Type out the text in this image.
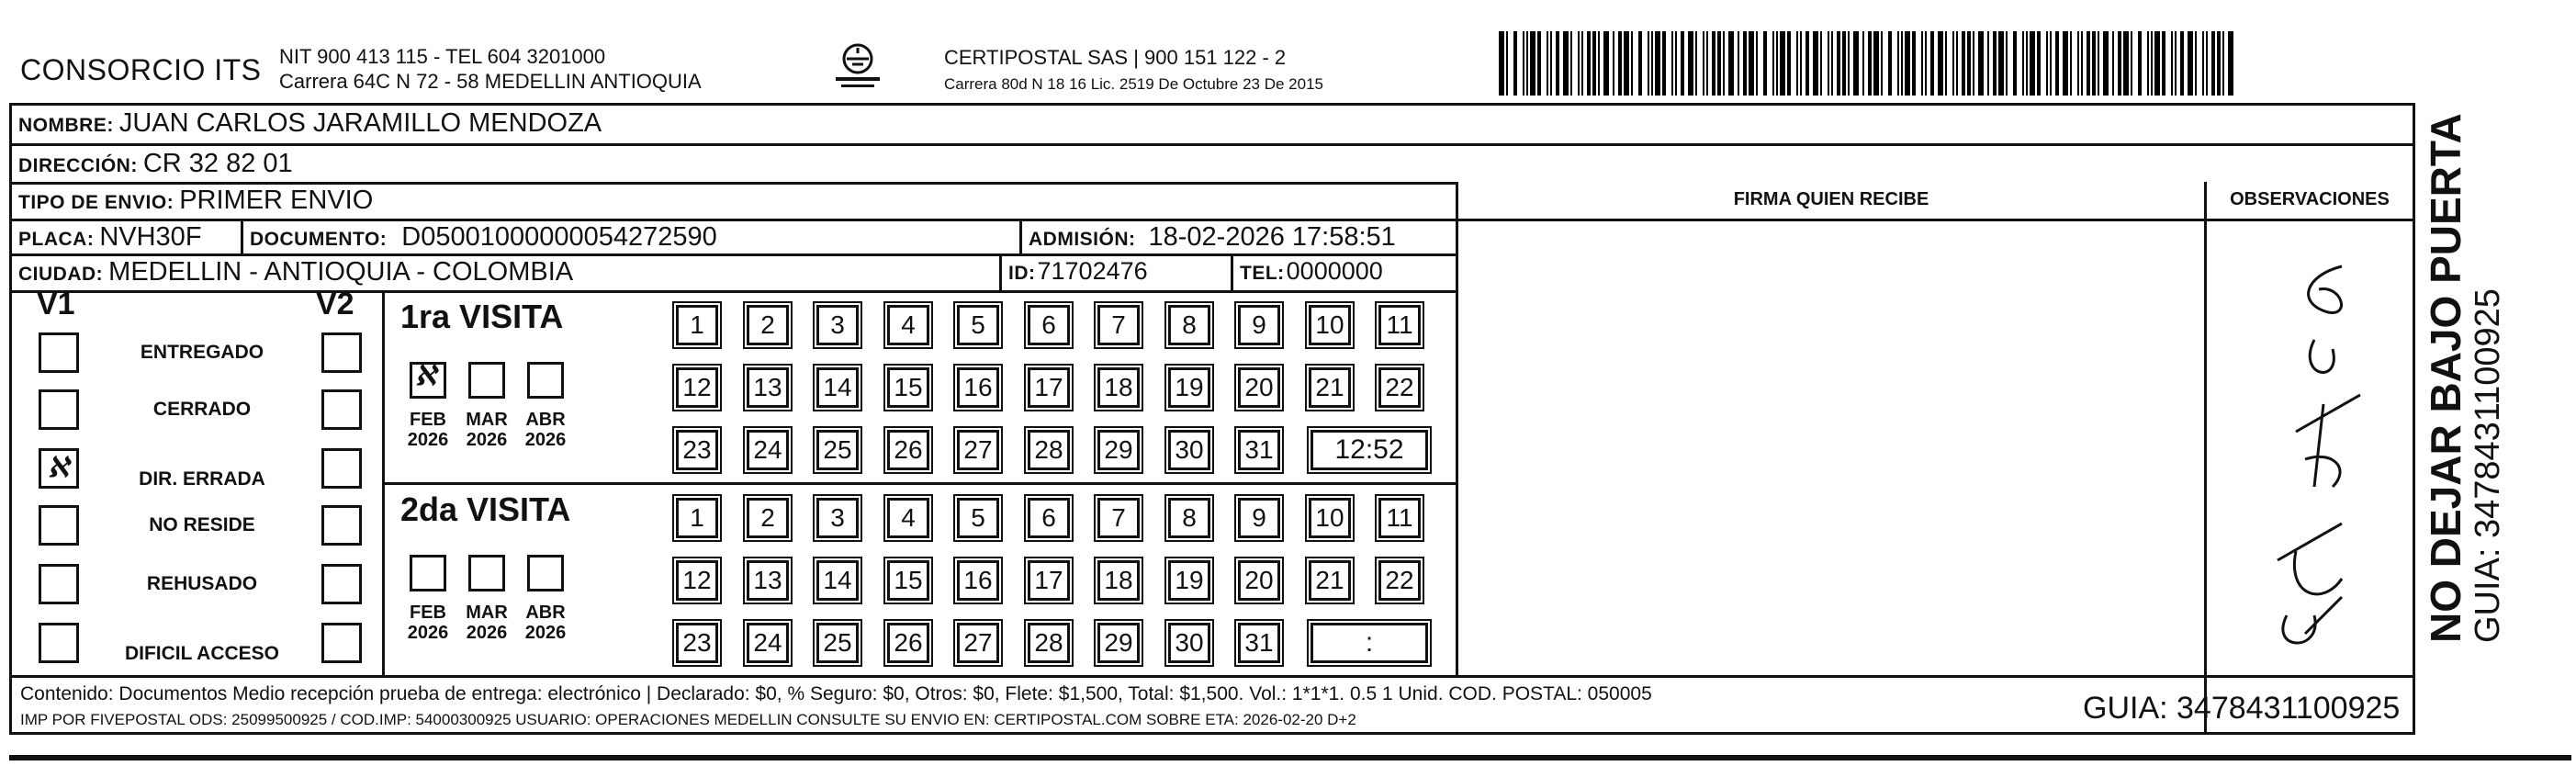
CONSORCIO ITS NIT 900 413 115 - TEL 604 3201000
Carrera 64C N 72 - 58 MEDELLIN ANTIOQUIA
CERTIPOSTAL SAS | 900 151 122 - 2
Carrera 80d N 18 16 Lic. 2519 De Octubre 23 De 2015
NOMBRE: JUAN CARLOS JARAMILLO MENDOZA
DIRECCIÓN: CR 32 82 01
TIPO DE ENVIO: PRIMER ENVIO
PLACA: NVH30F DOCUMENTO: D05001000000054272590	ADMISIÓN: 18-02-2026 17:58:51
CIUDAD: MEDELLIN - ANTIOQUIA - COLOMBIA	ID: 71702476	TEL: 0000000
FIRMA QUIEN RECIBE	OBSERVACIONES
V1	V2
ENTREGADO
CERRADO
ℵ	DIR. ERRADA
NO RESIDE
REHUSADO
DIFICIL ACCESO
1ra VISITA
ℵ
FEB
2026
MAR
2026
ABR
2026
1	2	3	4	5	6	7	8	9	10	11
12 13 14 15 16 17 18 19 20 21 22
23 24 25 26 27 28 29 30 31	12:52
2da VISITA
FEB
2026
MAR
2026
ABR
2026
1	2	3	4	5	6	7	8	9	10	11
12 13 14 15 16 17 18 19 20 21 22
23 24 25 26 27 28 29 30 31	:
Contenido: Documentos Medio recepción prueba de entrega: electrónico | Declarado: $0, % Seguro: $0, Otros: $0, Flete: $1,500, Total: $1,500. Vol.: 1*1*1. 0.5 1 Unid. COD. POSTAL: 050005
IMP POR FIVEPOSTAL ODS: 25099500925 / COD.IMP: 54000300925 USUARIO: OPERACIONES MEDELLIN CONSULTE SU ENVIO EN: CERTIPOSTAL.COM SOBRE ETA: 2026-02-20 D+2	GUIA: 3478431100925
NO DEJAR BAJO PUERTA GUIA: 3478431100925
